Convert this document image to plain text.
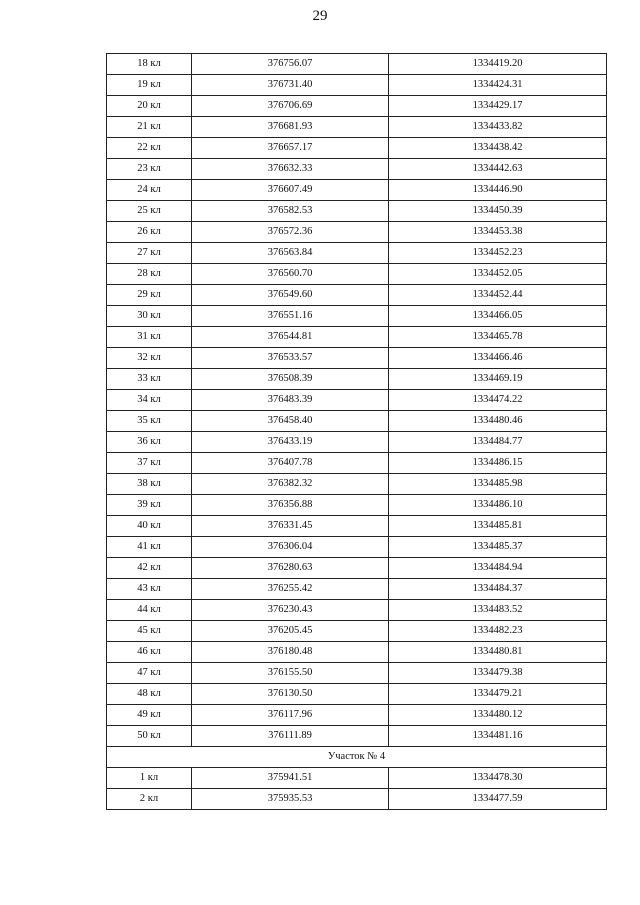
29
18 кл	376756.07	1334419.20
19 кл	376731.40	1334424.31
20 кл	376706.69	1334429.17
21 кл	376681.93	1334433.82
22 кл	376657.17	1334438.42
23 кл	376632.33	1334442.63
24 кл	376607.49	1334446.90
25 кл	376582.53	1334450.39
26 кл	376572.36	1334453.38
27 кл	376563.84	1334452.23
28 кл	376560.70	1334452.05
29 кл	376549.60	1334452.44
30 кл	376551.16	1334466.05
31 кл	376544.81	1334465.78
32 кл	376533.57	1334466.46
33 кл	376508.39	1334469.19
34 кл	376483.39	1334474.22
35 кл	376458.40	1334480.46
36 кл	376433.19	1334484.77
37 кл	376407.78	1334486.15
38 кл	376382.32	1334485.98
39 кл	376356.88	1334486.10
40 кл	376331.45	1334485.81
41 кл	376306.04	1334485.37
42 кл	376280.63	1334484.94
43 кл	376255.42	1334484.37
44 кл	376230.43	1334483.52
45 кл	376205.45	1334482.23
46 кл	376180.48	1334480.81
47 кл	376155.50	1334479.38
48 кл	376130.50	1334479.21
49 кл	376117.96	1334480.12
50 кл	376111.89	1334481.16
Участок № 4		
1 кл	375941.51	1334478.30
2 кл	375935.53	1334477.59
